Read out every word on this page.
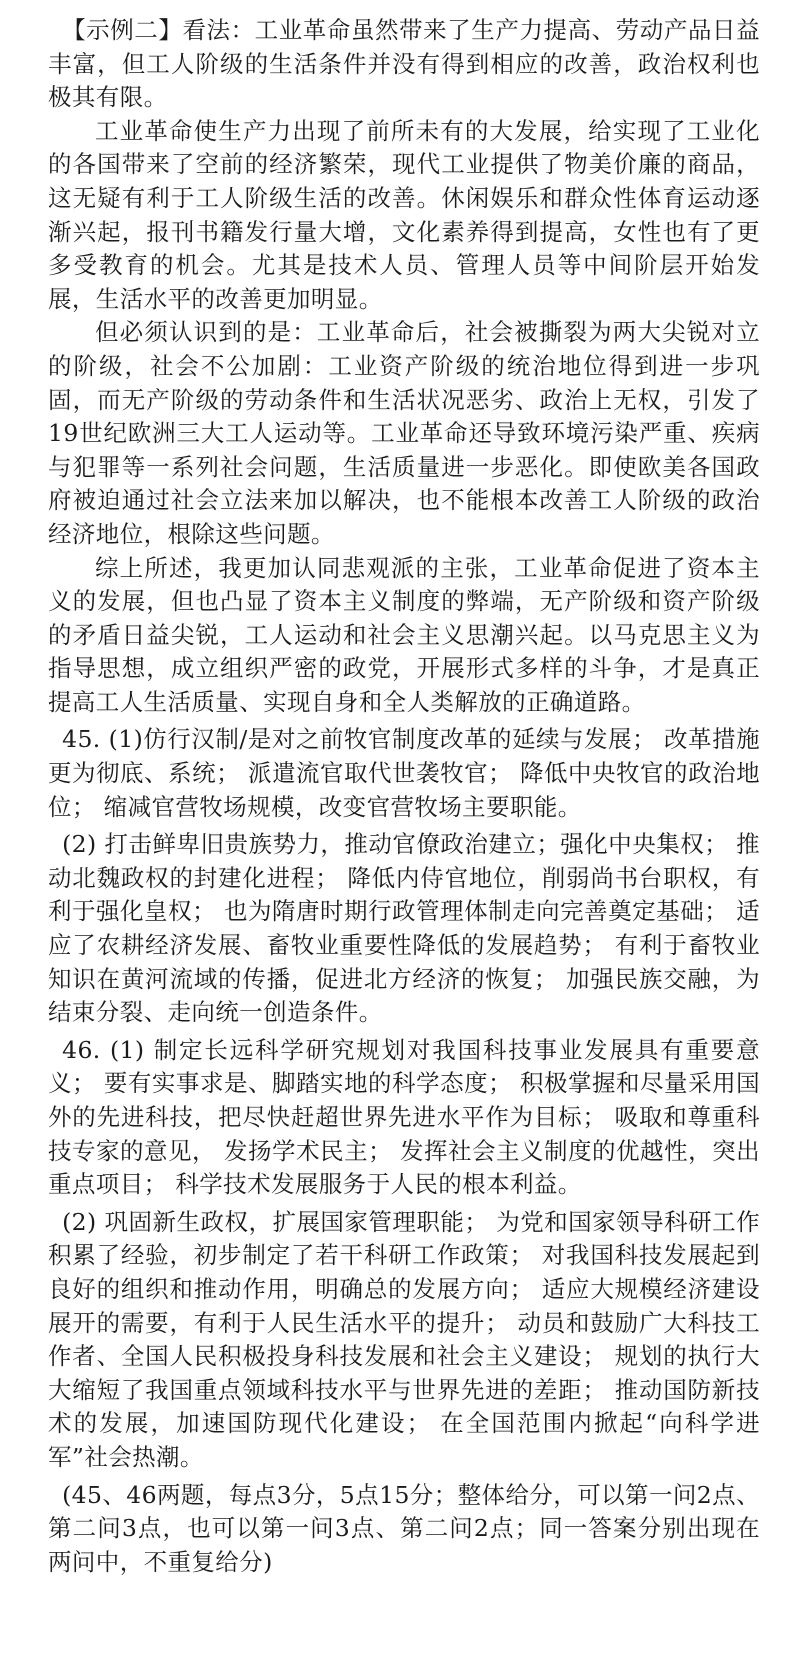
【示例二】看法：工业革命虽然带来了生产力提高、劳动产品日益丰富，但工人阶级的生活条件并没有得到相应的改善，政治权利也极其有限。

工业革命使生产力出现了前所未有的大发展，给实现了工业化的各国带来了空前的经济繁荣，现代工业提供了物美价廉的商品，这无疑有利于工人阶级生活的改善。休闲娱乐和群众性体育运动逐渐兴起，报刊书籍发行量大增，文化素养得到提高，女性也有了更多受教育的机会。尤其是技术人员、管理人员等中间阶层开始发展，生活水平的改善更加明显。

但必须认识到的是：工业革命后，社会被撕裂为两大尖锐对立的阶级，社会不公加剧：工业资产阶级的统治地位得到进一步巩固，而无产阶级的劳动条件和生活状况恶劣、政治上无权，引发了19世纪欧洲三大工人运动等。工业革命还导致环境污染严重、疾病与犯罪等一系列社会问题，生活质量进一步恶化。即使欧美各国政府被迫通过社会立法来加以解决，也不能根本改善工人阶级的政治经济地位，根除这些问题。

综上所述，我更加认同悲观派的主张，工业革命促进了资本主义的发展，但也凸显了资本主义制度的弊端，无产阶级和资产阶级的矛盾日益尖锐，工人运动和社会主义思潮兴起。以马克思主义为指导思想，成立组织严密的政党，开展形式多样的斗争，才是真正提高工人生活质量、实现自身和全人类解放的正确道路。

45. (1)仿行汉制/是对之前牧官制度改革的延续与发展； 改革措施更为彻底、系统； 派遣流官取代世袭牧官； 降低中央牧官的政治地位； 缩减官营牧场规模，改变官营牧场主要职能。

(2) 打击鲜卑旧贵族势力，推动官僚政治建立；强化中央集权； 推动北魏政权的封建化进程； 降低内侍官地位，削弱尚书台职权，有利于强化皇权； 也为隋唐时期行政管理体制走向完善奠定基础； 适应了农耕经济发展、畜牧业重要性降低的发展趋势； 有利于畜牧业知识在黄河流域的传播，促进北方经济的恢复； 加强民族交融，为结束分裂、走向统一创造条件。

46. (1) 制定长远科学研究规划对我国科技事业发展具有重要意义； 要有实事求是、脚踏实地的科学态度； 积极掌握和尽量采用国外的先进科技，把尽快赶超世界先进水平作为目标； 吸取和尊重科技专家的意见， 发扬学术民主； 发挥社会主义制度的优越性，突出重点项目； 科学技术发展服务于人民的根本利益。

(2) 巩固新生政权，扩展国家管理职能； 为党和国家领导科研工作积累了经验，初步制定了若干科研工作政策； 对我国科技发展起到良好的组织和推动作用，明确总的发展方向； 适应大规模经济建设展开的需要，有利于人民生活水平的提升； 动员和鼓励广大科技工作者、全国人民积极投身科技发展和社会主义建设； 规划的执行大大缩短了我国重点领域科技水平与世界先进的差距； 推动国防新技术的发展，加速国防现代化建设； 在全国范围内掀起“向科学进军”社会热潮。

(45、46两题，每点3分，5点15分；整体给分，可以第一问2点、第二问3点，也可以第一问3点、第二问2点；同一答案分别出现在两问中，不重复给分)
